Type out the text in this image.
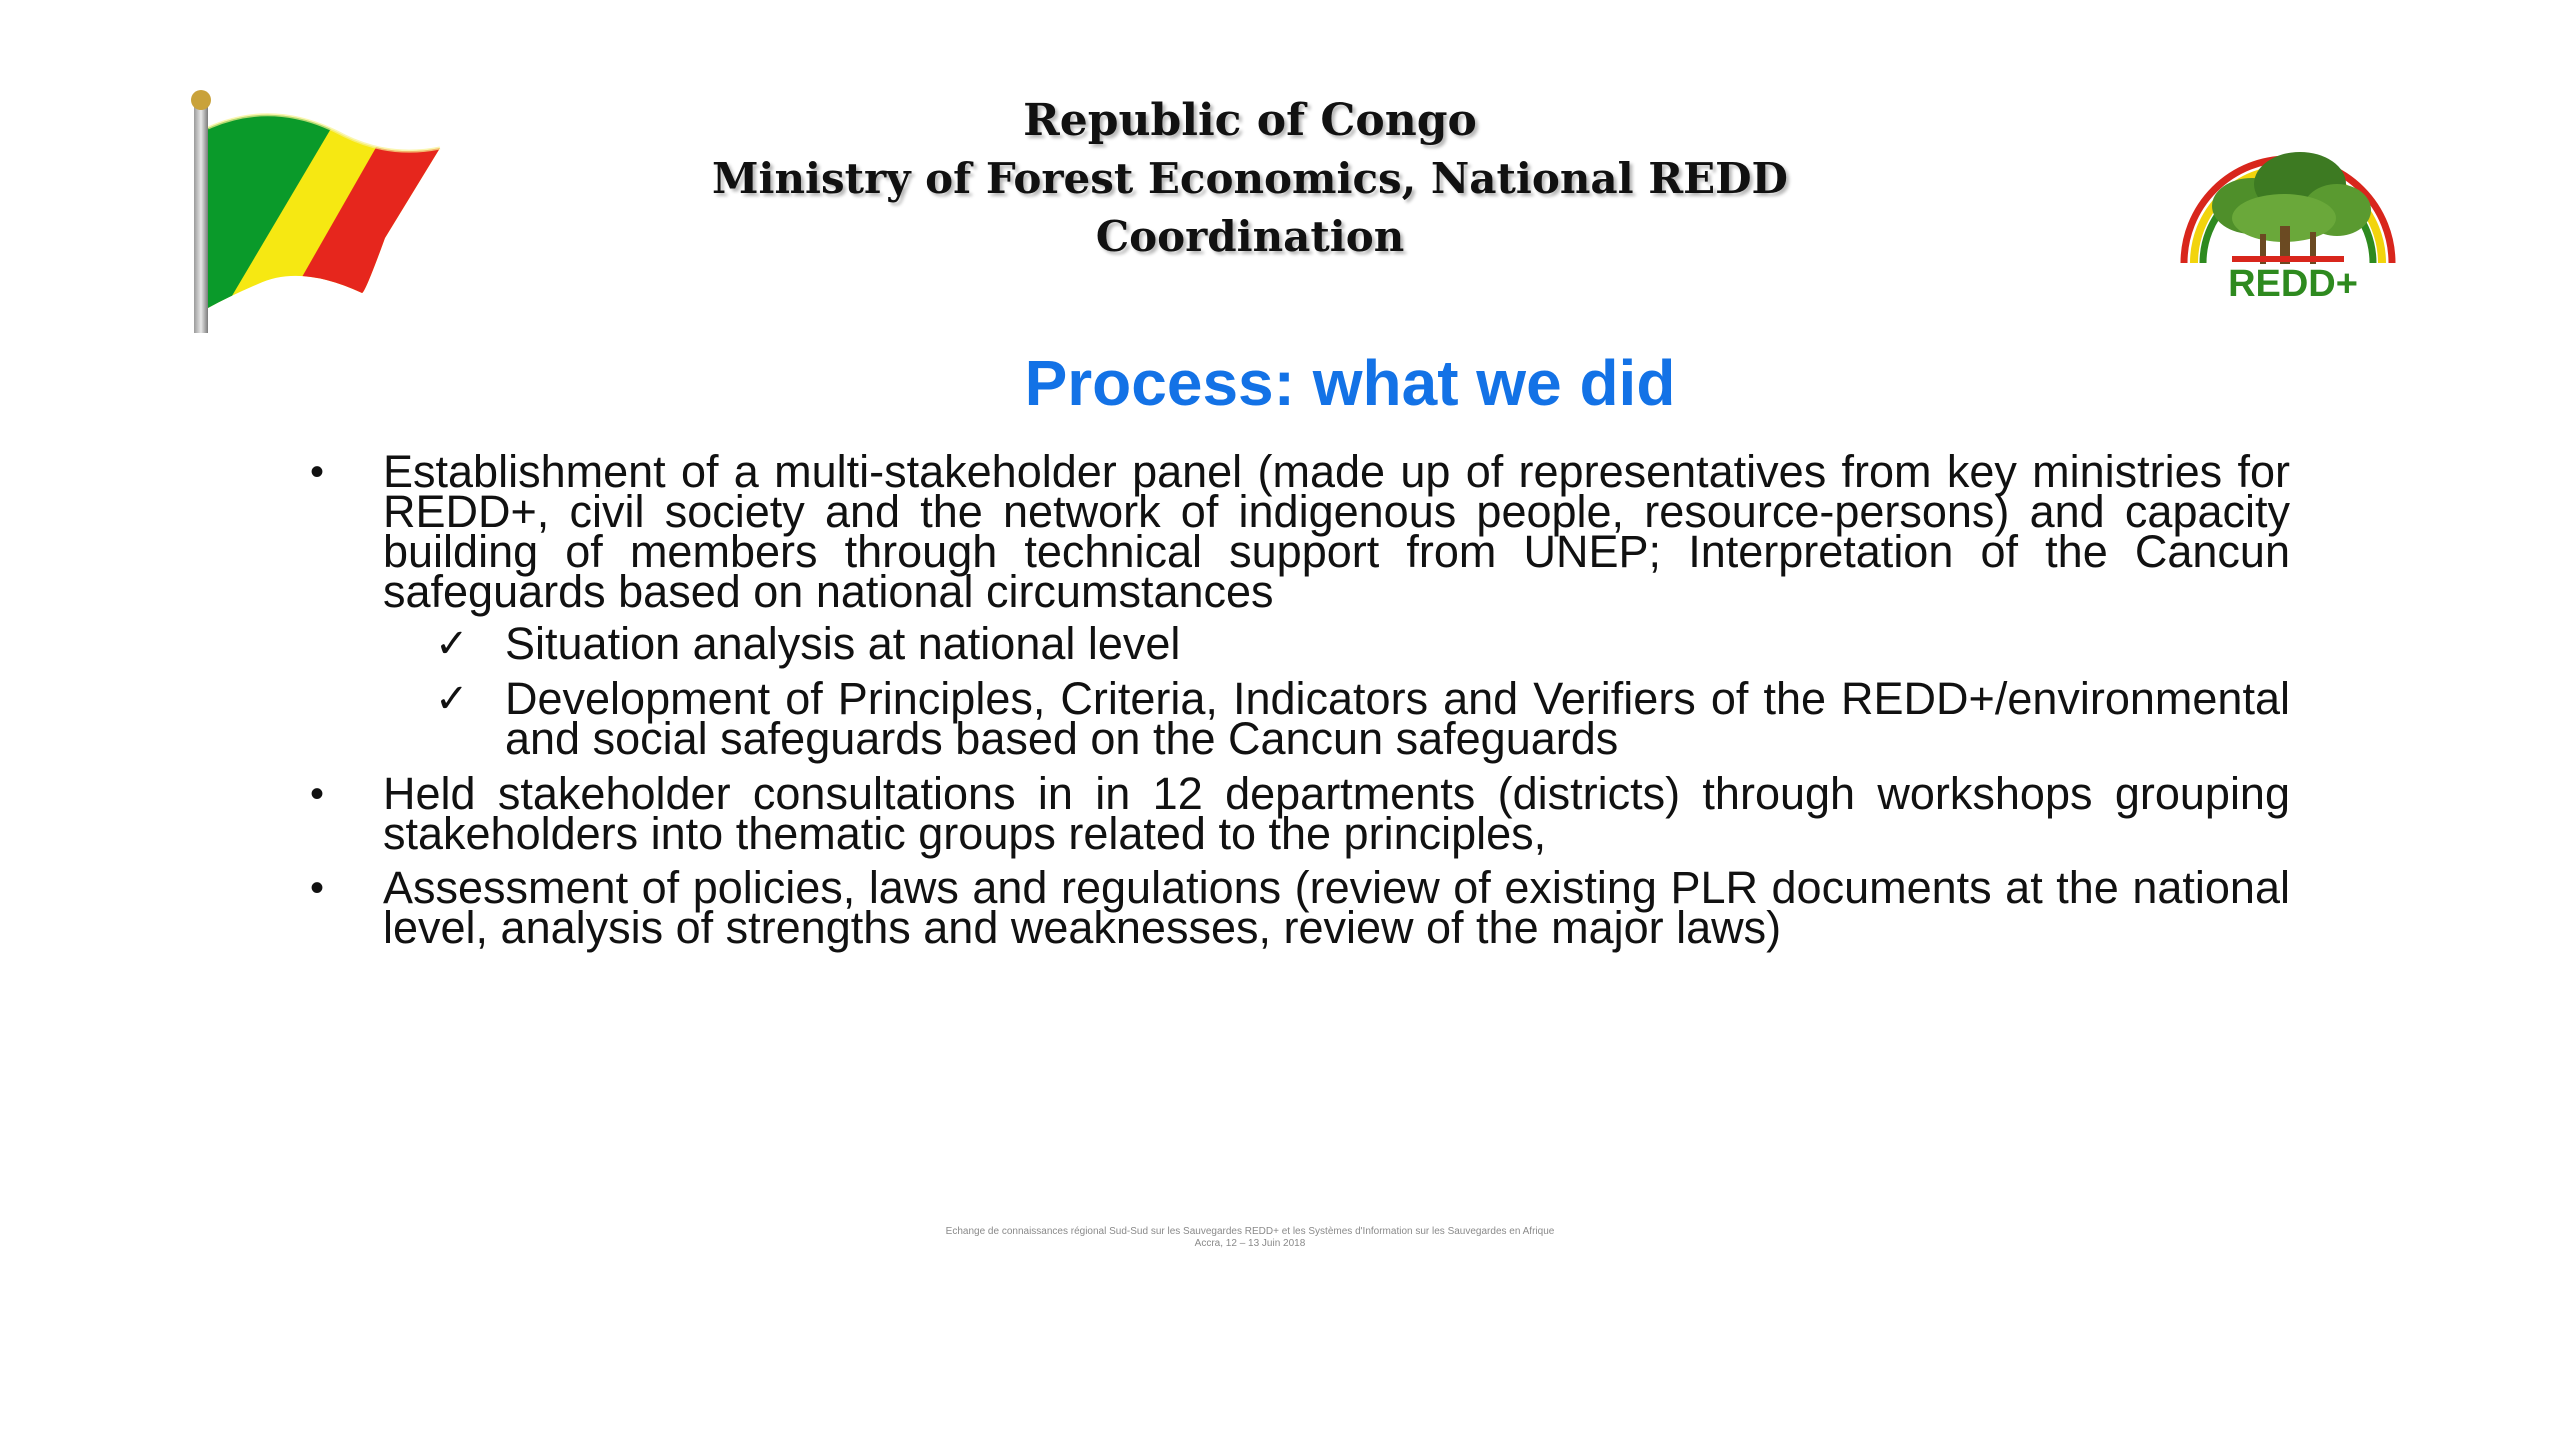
REDD+
Republic of Congo
Ministry of Forest Economics, National REDD Coordination
Process: what we did
• Establishment of a multi-stakeholder panel (made up of representatives from key ministries for REDD+, civil society and the network of indigenous people, resource-persons) and capacity building of members through technical support from UNEP; Interpretation of the Cancun safeguards based on national circumstances
✓ Situation analysis at national level
✓ Development of Principles, Criteria, Indicators and Verifiers of the REDD+/environmental and social safeguards based on the Cancun safeguards
• Held stakeholder consultations in in 12 departments (districts) through workshops grouping stakeholders into thematic groups related to the principles,
• Assessment of policies, laws and regulations (review of existing PLR documents at the national level, analysis of strengths and weaknesses, review of the major laws)
Echange de connaissances régional Sud-Sud sur les Sauvegardes REDD+ et les Systèmes d'Information sur les Sauvegardes en Afrique
Accra, 12 – 13 Juin 2018
